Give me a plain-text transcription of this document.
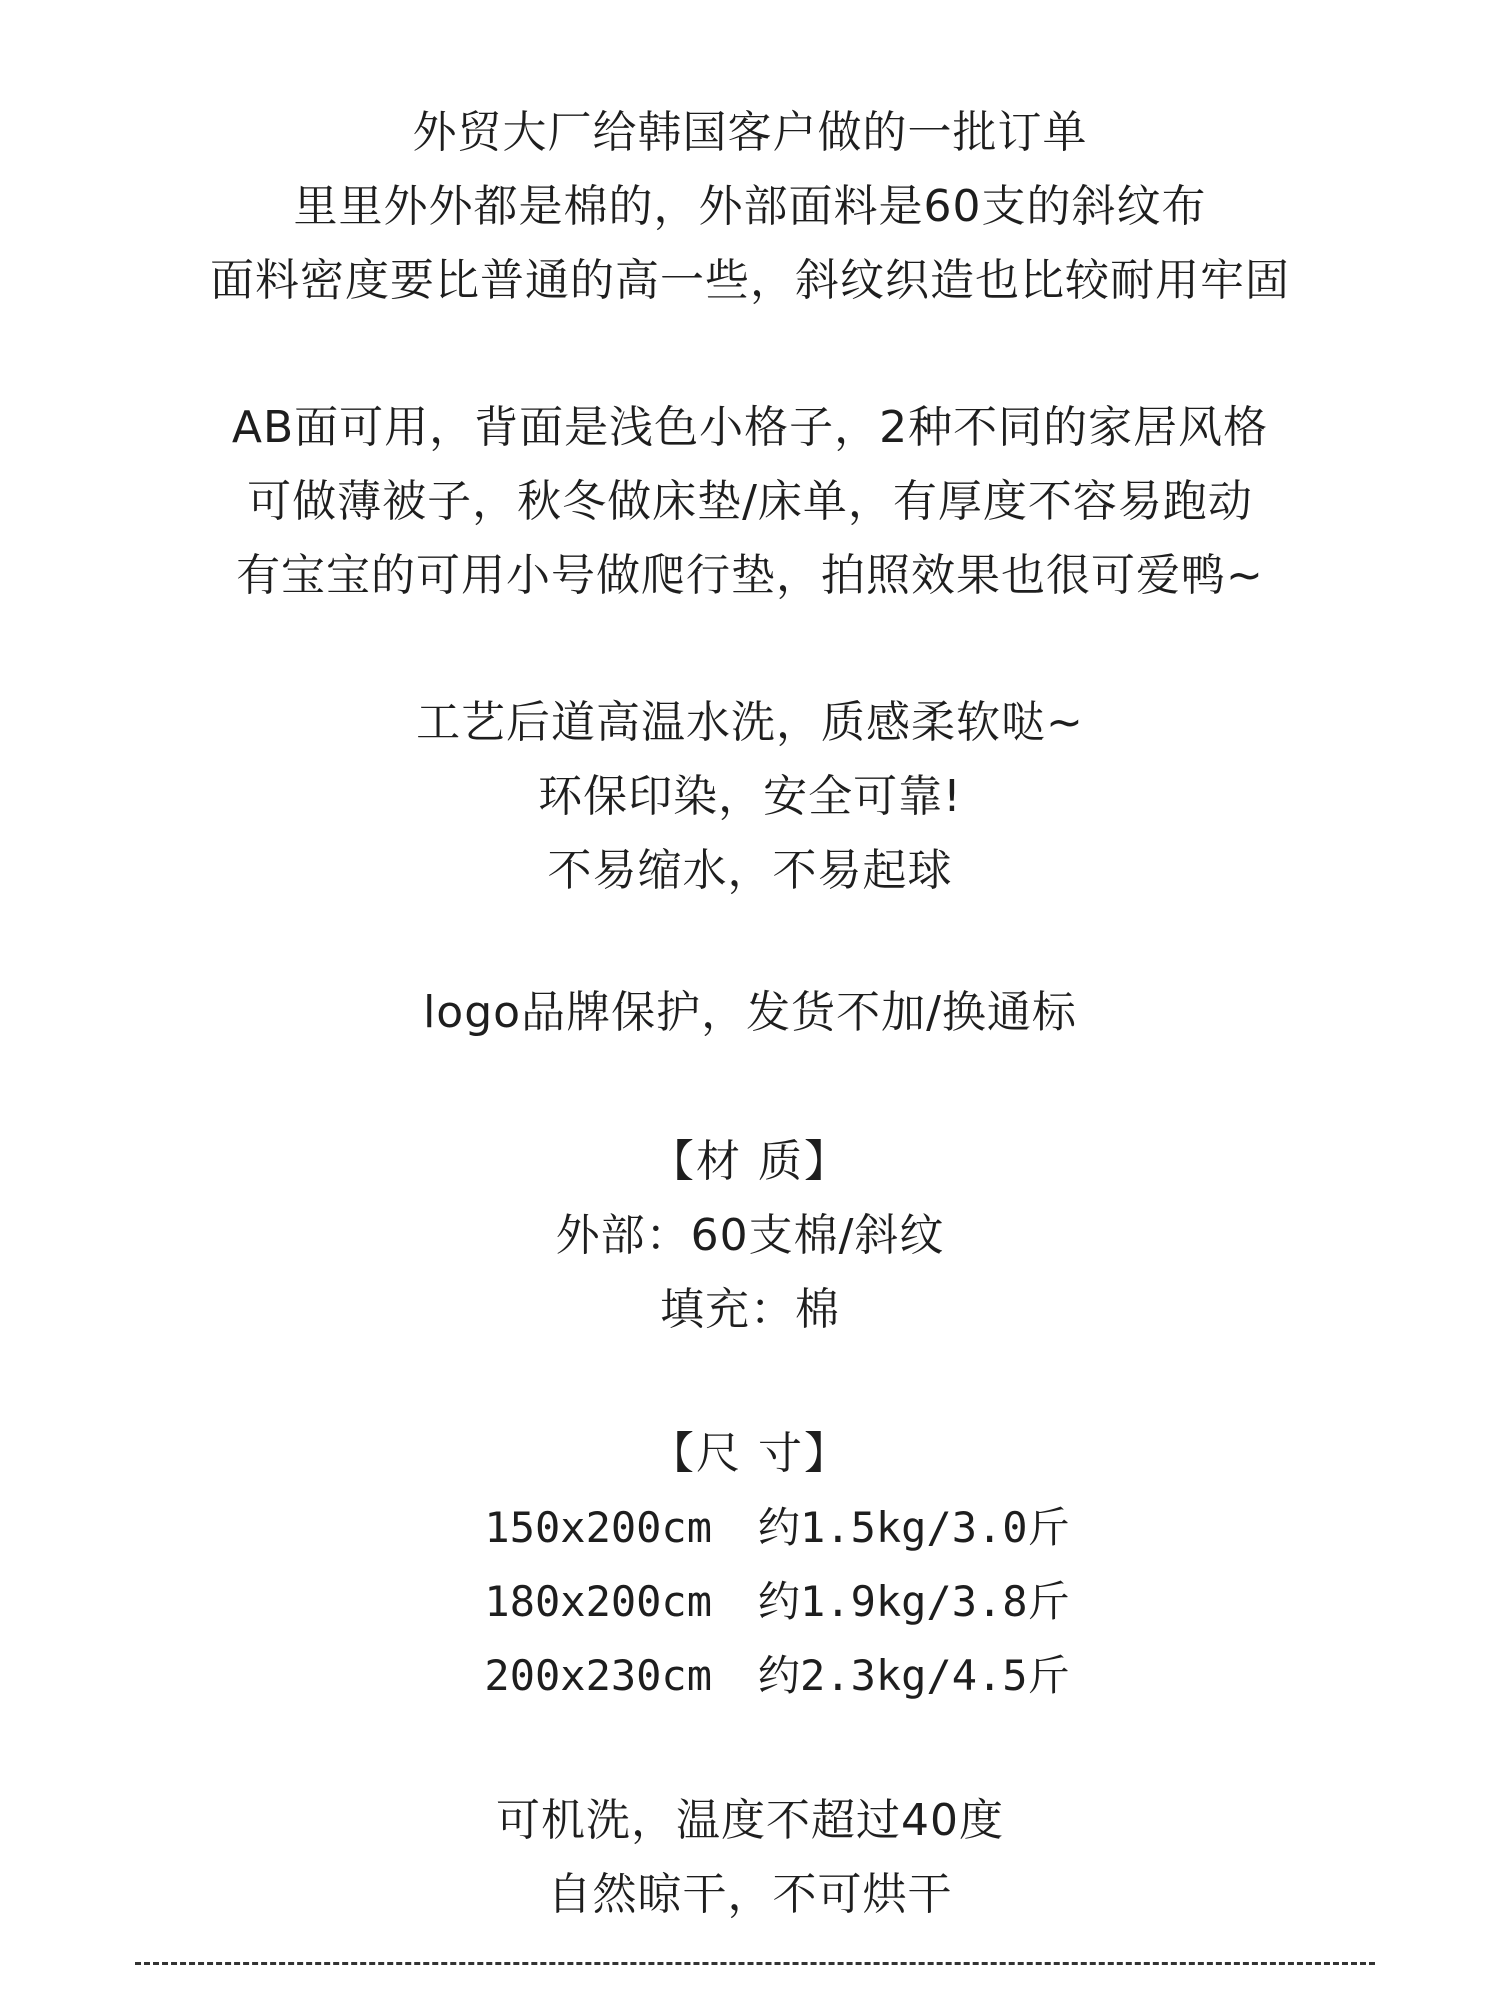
外贸大厂给韩国客户做的一批订单
里里外外都是棉的，外部面料是60支的斜纹布
面料密度要比普通的高一些，斜纹织造也比较耐用牢固
AB面可用，背面是浅色小格子，2种不同的家居风格
可做薄被子，秋冬做床垫/床单，有厚度不容易跑动
有宝宝的可用小号做爬行垫，拍照效果也很可爱鸭~
工艺后道高温水洗，质感柔软哒~
环保印染，安全可靠!
不易缩水，不易起球
logo品牌保护，发货不加/换通标
【材 质】
外部：60支棉/斜纹
填充：棉
【尺 寸】
150x200cm 约1.5kg/3.0斤
180x200cm 约1.9kg/3.8斤
200x230cm 约2.3kg/4.5斤
可机洗，温度不超过40度
自然晾干，不可烘干
